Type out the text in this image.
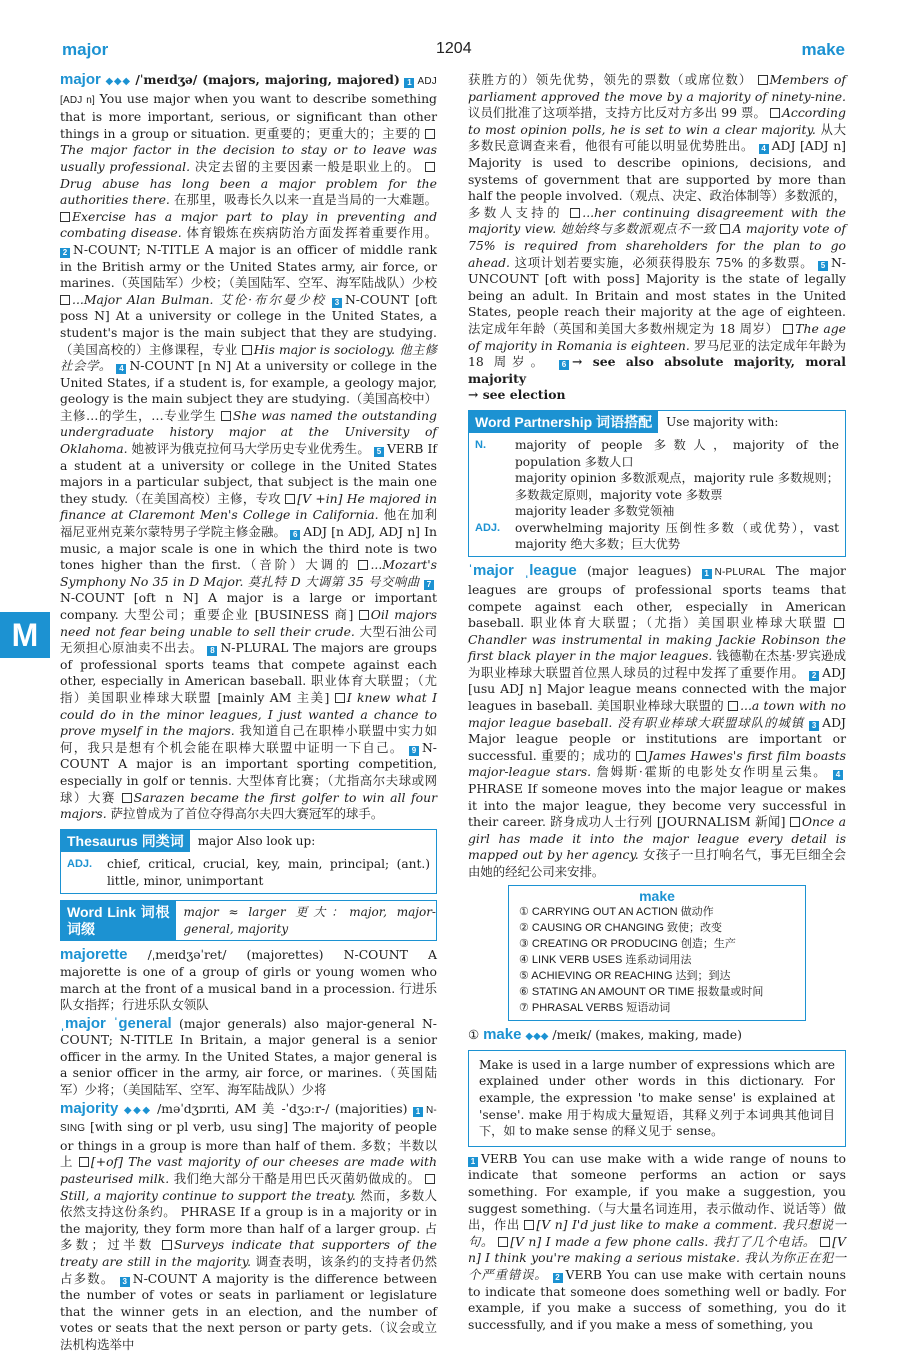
major	1204	make
M
major ◆◆◆ /ˈmeɪdʒə/ (majors, majoring, majored) 1 ADJ [ADJ n] You use major when you want to describe something that is more important, serious, or significant than other things in a group or situation. 更重要的；更重大的；主要的 The major factor in the decision to stay or to leave was usually professional. 决定去留的主要因素一般是职业上的。 Drug abuse has long been a major problem for the authorities there. 在那里，吸毒长久以来一直是当局的一大难题。 Exercise has a major part to play in preventing and combating disease. 体育锻炼在疾病防治方面发挥着重要作用。 2 N-COUNT; N-TITLE A major is an officer of middle rank in the British army or the United States army, air force, or marines.（英国陆军）少校；（美国陆军、空军、海军陆战队）少校 ...Major Alan Bulman. 艾伦·布尔曼少校 3 N-COUNT [oft poss N] At a university or college in the United States, a student's major is the main subject that they are studying.（美国高校的）主修课程，专业 His major is sociology. 他主修社会学。 4 N-COUNT [n N] At a university or college in the United States, if a student is, for example, a geology major, geology is the main subject they are studying.（美国高校中）主修…的学生，…专业学生 She was named the outstanding undergraduate history major at the University of Oklahoma. 她被评为俄克拉何马大学历史专业优秀生。 5 VERB If a student at a university or college in the United States majors in a particular subject, that subject is the main one they study.（在美国高校）主修，专攻 [V +in] He majored in finance at Claremont Men's College in California. 他在加利福尼亚州克莱尔蒙特男子学院主修金融。 6 ADJ [n ADJ, ADJ n] In music, a major scale is one in which the third note is two tones higher than the first.（音阶）大调的 ...Mozart's Symphony No 35 in D Major. 莫扎特 D 大调第 35 号交响曲 7N-COUNT [oft n N] A major is a large or important company. 大型公司；重要企业 [BUSINESS 商] Oil majors need not fear being unable to sell their crude. 大型石油公司无须担心原油卖不出去。 8 N-PLURAL The majors are groups of professional sports teams that compete against each other, especially in American baseball. 职业体育大联盟；（尤指）美国职业棒球大联盟 [mainly AM 主美] I knew what I could do in the minor leagues, I just wanted a chance to prove myself in the majors. 我知道自己在职棒小联盟中实力如何，我只是想有个机会能在职棒大联盟中证明一下自己。 9 N-COUNT A major is an important sporting competition, especially in golf or tennis. 大型体育比赛；（尤指高尔夫球或网球）大赛 Sarazen became the first golfer to win all four majors. 萨拉曾成为了首位夺得高尔夫四大赛冠军的球手。
Thesaurus 同类词	major Also look up:
ADJ.	chief, critical, crucial, key, main, principal; (ant.) little, minor, unimportant
Word Link 词根词缀
major ≈ larger 更大：major, major-general, majority
majorette /ˌmeɪdʒəˈret/ (majorettes) N-COUNT A majorette is one of a group of girls or young women who march at the front of a musical band in a procession. 行进乐队女指挥；行进乐队女领队
ˌmajor ˈgeneral (major generals) also major-general N-COUNT; N-TITLE In Britain, a major general is a senior officer in the army. In the United States, a major general is a senior officer in the army, air force, or marines.（英国陆军）少将；（美国陆军、空军、海军陆战队）少将
majority ◆◆◆ /məˈdʒɒrɪti, AM 美 -ˈdʒɔːr-/ (majorities) 1 N-SING [with sing or pl verb, usu sing] The majority of people or things in a group is more than half of them. 多数；半数以上 [+of] The vast majority of our cheeses are made with pasteurised milk. 我们绝大部分干酪是用巴氏灭菌奶做成的。 Still, a majority continue to support the treaty. 然而，多数人依然支持这份条约。 PHRASE If a group is in a majority or in the majority, they form more than half of a larger group. 占多数；过半数 Surveys indicate that supporters of the treaty are still in the majority. 调查表明，该条约的支持者仍然占多数。 3 N-COUNT A majority is the difference between the number of votes or seats in parliament or legislature that the winner gets in an election, and the number of votes or seats that the next person or party gets.（议会或立法机构选举中
获胜方的）领先优势，领先的票数（或席位数） Members of parliament approved the move by a majority of ninety-nine. 议员们批准了这项举措，支持方比反对方多出 99 票。 According to most opinion polls, he is set to win a clear majority. 从大多数民意调查来看，他很有可能以明显优势胜出。 4 ADJ [ADJ n] Majority is used to describe opinions, decisions, and systems of government that are supported by more than half the people involved.（观点、决定、政治体制等）多数派的，多数人支持的 ...her continuing disagreement with the majority view. 她始终与多数派观点不一致 A majority vote of 75% is required from shareholders for the plan to go ahead. 这项计划若要实施，必须获得股东 75% 的多数票。 5 N-UNCOUNT [oft with poss] Majority is the state of legally being an adult. In Britain and most states in the United States, people reach their majority at the age of eighteen. 法定成年年龄（英国和美国大多数州规定为 18 周岁） The age of majority in Romania is eighteen. 罗马尼亚的法定成年年龄为 18 周岁。 6 → see also absolute majority, moral majority
→ see election
Word Partnership 词语搭配	Use majority with:
N.	majority of people 多数人，majority of the population 多数人口
majority opinion 多数派观点，majority rule 多数规则；多数裁定原则，majority vote 多数票
majority leader 多数党领袖
ADJ.	overwhelming majority 压倒性多数（或优势），vast majority 绝大多数；巨大优势
ˈmajor ˌleague (major leagues) 1 N-PLURAL The major leagues are groups of professional sports teams that compete against each other, especially in American baseball. 职业体育大联盟；（尤指）美国职业棒球大联盟 Chandler was instrumental in making Jackie Robinson the first black player in the major leagues. 钱德勒在杰基·罗宾逊成为职业棒球大联盟首位黑人球员的过程中发挥了重要作用。 2 ADJ [usu ADJ n] Major league means connected with the major leagues in baseball. 美国职业棒球大联盟的 ...a town with no major league baseball. 没有职业棒球大联盟球队的城镇 3 ADJ Major league people or institutions are important or successful. 重要的；成功的 James Hawes's first film boasts major-league stars. 詹姆斯·霍斯的电影处女作明星云集。 4PHRASE If someone moves into the major league or makes it into the major league, they become very successful in their career. 跻身成功人士行列 [JOURNALISM 新闻] Once a girl has made it into the major league every detail is mapped out by her agency. 女孩子一旦打响名气，事无巨细全会由她的经纪公司来安排。
make
① CARRYING OUT AN ACTION 做动作
② CAUSING OR CHANGING 致使；改变
③ CREATING OR PRODUCING 创造；生产
④ LINK VERB USES 连系动词用法
⑤ ACHIEVING OR REACHING 达到；到达
⑥ STATING AN AMOUNT OR TIME 报数量或时间
⑦ PHRASAL VERBS 短语动词
① make ◆◆◆ /meɪk/ (makes, making, made)
Make is used in a large number of expressions which are explained under other words in this dictionary. For example, the expression 'to make sense' is explained at 'sense'. make 用于构成大量短语，其释义列于本词典其他词目下，如 to make sense 的释义见于 sense。
1 VERB You can use make with a wide range of nouns to indicate that someone performs an action or says something. For example, if you make a suggestion, you suggest something.（与大量名词连用，表示做动作、说话等）做出，作出 [V n] I'd just like to make a comment. 我只想说一句。 [V n] I made a few phone calls. 我打了几个电话。 [V n] I think you're making a serious mistake. 我认为你正在犯一个严重错误。 2 VERB You can use make with certain nouns to indicate that someone does something well or badly. For example, if you make a success of something, you do it successfully, and if you make a mess of something, you
